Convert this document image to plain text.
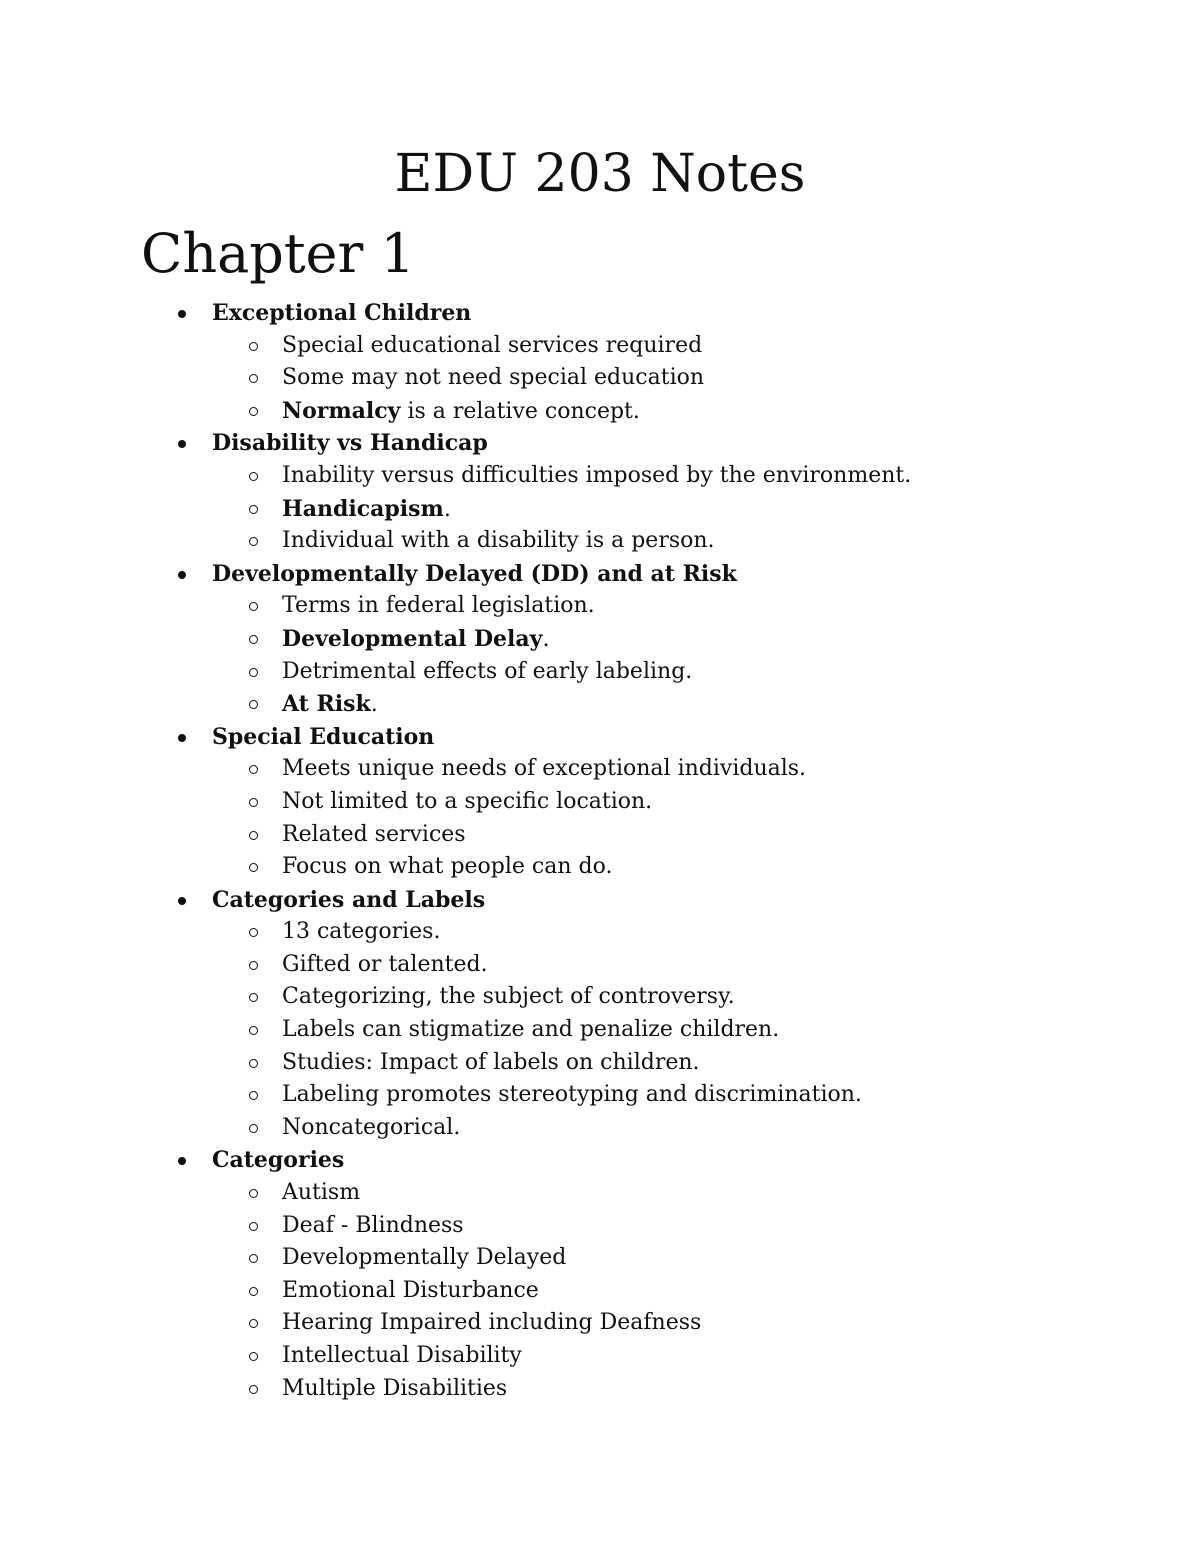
EDU 203 Notes
Chapter 1
Exceptional Children
Special educational services required
Some may not need special education
Normalcy is a relative concept.
Disability vs Handicap
Inability versus difficulties imposed by the environment.
Handicapism.
Individual with a disability is a person.
Developmentally Delayed (DD) and at Risk
Terms in federal legislation.
Developmental Delay.
Detrimental effects of early labeling.
At Risk.
Special Education
Meets unique needs of exceptional individuals.
Not limited to a specific location.
Related services
Focus on what people can do.
Categories and Labels
13 categories.
Gifted or talented.
Categorizing, the subject of controversy.
Labels can stigmatize and penalize children.
Studies: Impact of labels on children.
Labeling promotes stereotyping and discrimination.
Noncategorical.
Categories
Autism
Deaf - Blindness
Developmentally Delayed
Emotional Disturbance
Hearing Impaired including Deafness
Intellectual Disability
Multiple Disabilities
